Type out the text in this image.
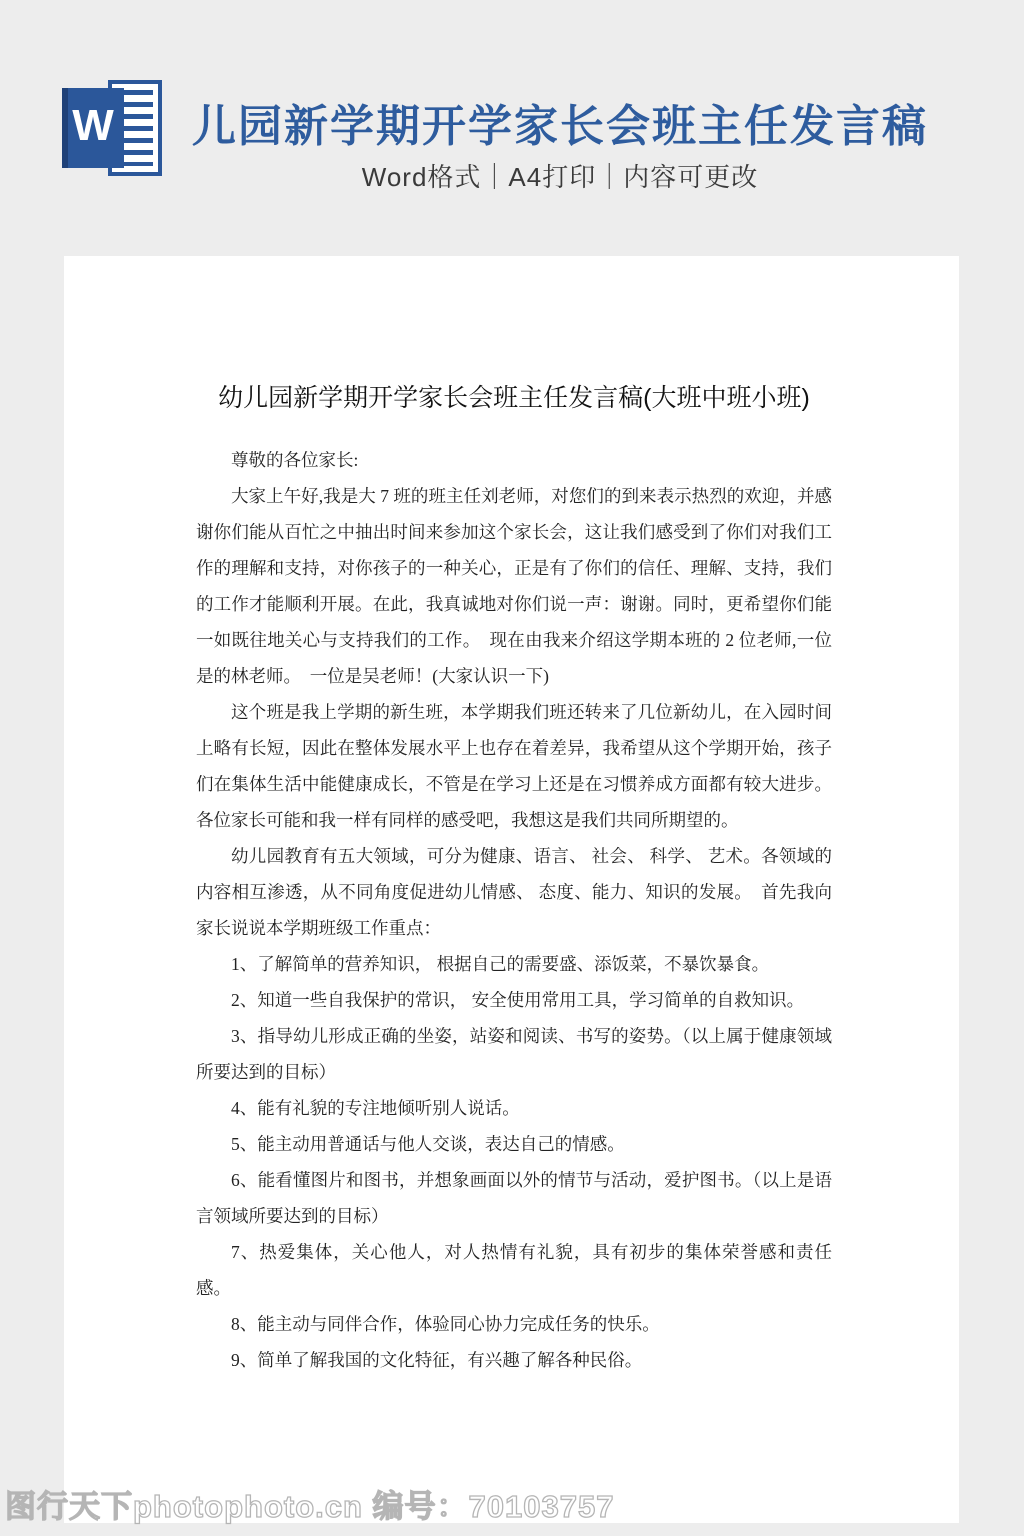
W	儿园新学期开学家长会班主任发言稿
Word格式｜A4打印｜内容可更改
幼儿园新学期开学家长会班主任发言稿(大班中班小班)

尊敬的各位家长:

大家上午好,我是大 7 班的班主任刘老师，对您们的到来表示热烈的欢迎，并感谢你们能从百忙之中抽出时间来参加这个家长会，这让我们感受到了你们对我们工作的理解和支持，对你孩子的一种关心，正是有了你们的信任、理解、支持，我们的工作才能顺利开展。在此，我真诚地对你们说一声：谢谢。同时，更希望你们能一如既往地关心与支持我们的工作。　现在由我来介绍这学期本班的 2 位老师,一位是的林老师。　一位是吴老师！(大家认识一下)

这个班是我上学期的新生班，本学期我们班还转来了几位新幼儿，在入园时间上略有长短，因此在整体发展水平上也存在着差异，我希望从这个学期开始，孩子们在集体生活中能健康成长，不管是在学习上还是在习惯养成方面都有较大进步。各位家长可能和我一样有同样的感受吧，我想这是我们共同所期望的。

幼儿园教育有五大领域，可分为健康、语言、 社会、 科学、 艺术。各领域的内容相互渗透，从不同角度促进幼儿情感、 态度、能力、知识的发展。　首先我向家长说说本学期班级工作重点：

1、了解简单的营养知识， 根据自己的需要盛、添饭菜，不暴饮暴食。

2、知道一些自我保护的常识， 安全使用常用工具，学习简单的自救知识。

3、指导幼儿形成正确的坐姿，站姿和阅读、书写的姿势。（以上属于健康领域所要达到的目标）

4、能有礼貌的专注地倾听别人说话。

5、能主动用普通话与他人交谈，表达自己的情感。

6、能看懂图片和图书，并想象画面以外的情节与活动，爱护图书。（以上是语言领域所要达到的目标）

7、热爱集体，关心他人，对人热情有礼貌，具有初步的集体荣誉感和责任感。

8、能主动与同伴合作，体验同心协力完成任务的快乐。

9、简单了解我国的文化特征，有兴趣了解各种民俗。

图行天下photophoto.cn 编号：70103757
